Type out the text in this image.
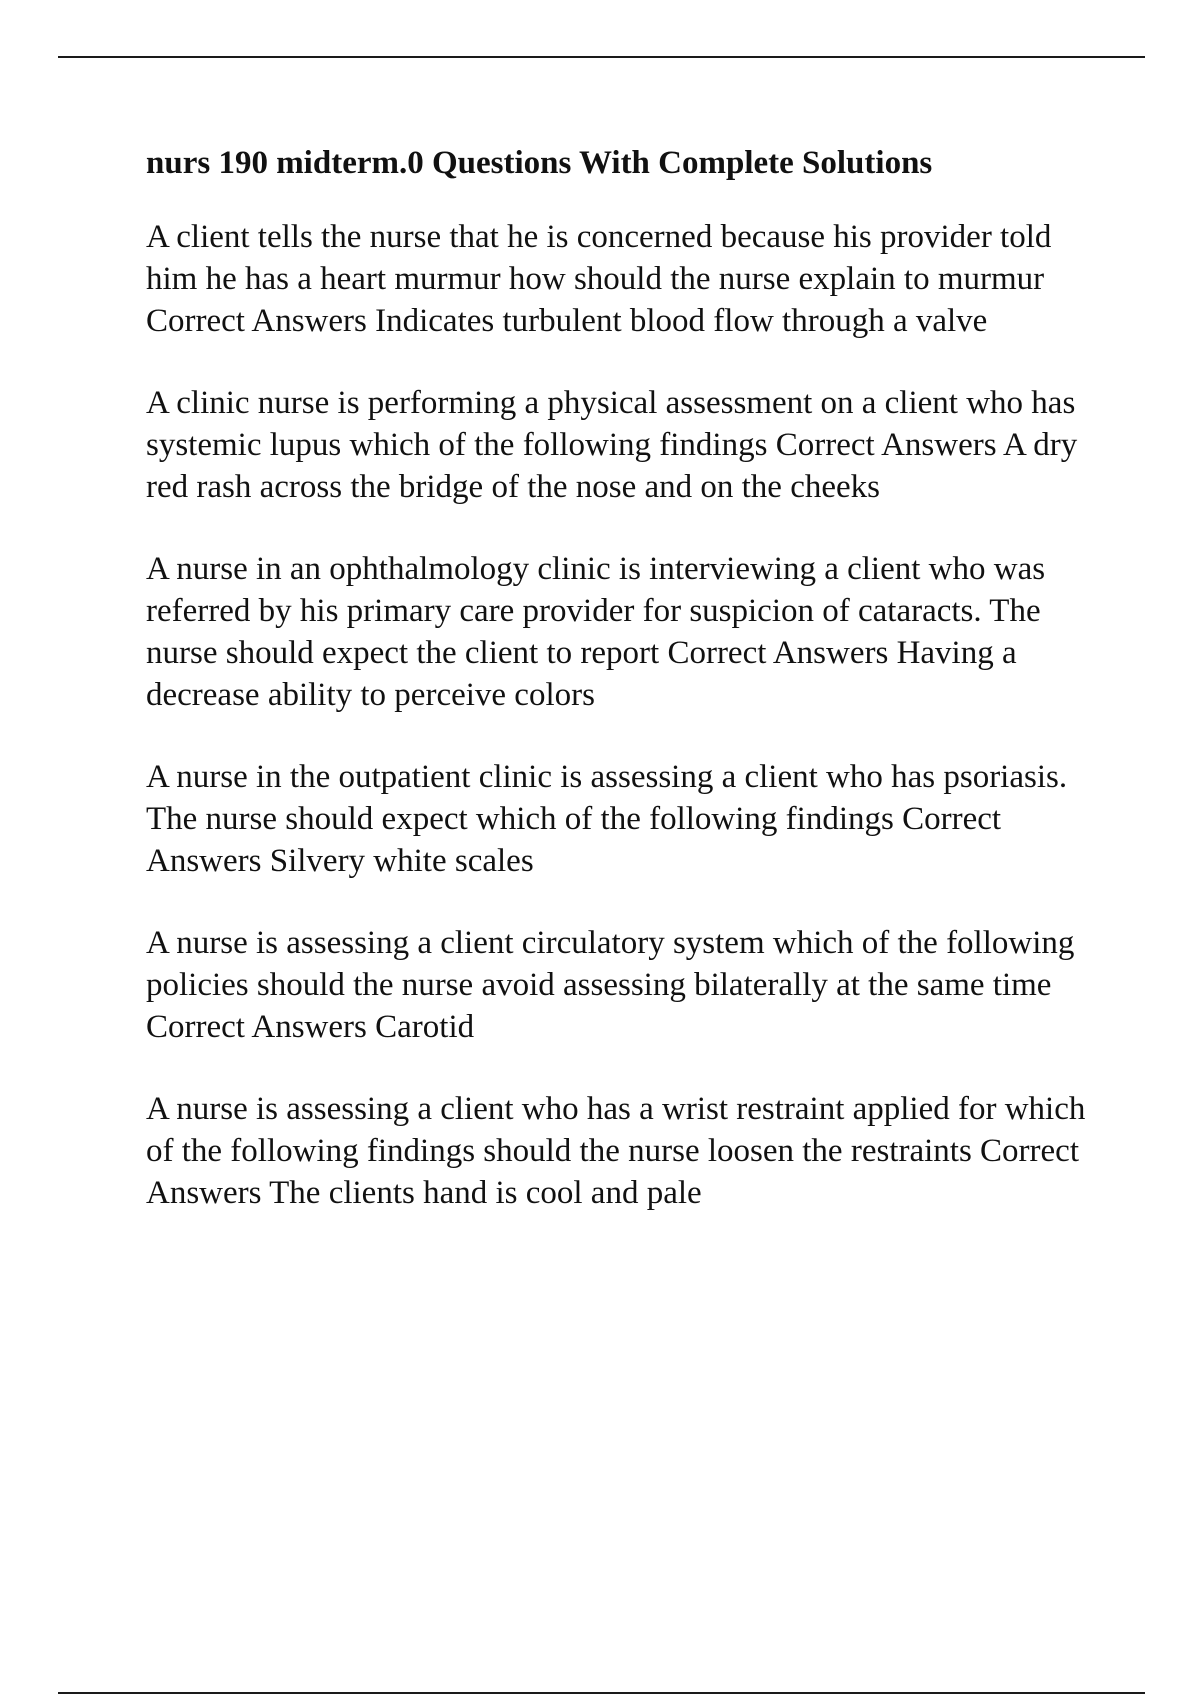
nurs 190 midterm.0 Questions With Complete Solutions

A client tells the nurse that he is concerned because his provider told him he has a heart murmur how should the nurse explain to murmur Correct Answers Indicates turbulent blood flow through a valve

A clinic nurse is performing a physical assessment on a client who has systemic lupus which of the following findings Correct Answers A dry red rash across the bridge of the nose and on the cheeks

A nurse in an ophthalmology clinic is interviewing a client who was referred by his primary care provider for suspicion of cataracts. The nurse should expect the client to report Correct Answers Having a decrease ability to perceive colors

A nurse in the outpatient clinic is assessing a client who has psoriasis. The nurse should expect which of the following findings Correct Answers Silvery white scales

A nurse is assessing a client circulatory system which of the following policies should the nurse avoid assessing bilaterally at the same time Correct Answers Carotid

A nurse is assessing a client who has a wrist restraint applied for which of the following findings should the nurse loosen the restraints Correct Answers The clients hand is cool and pale
